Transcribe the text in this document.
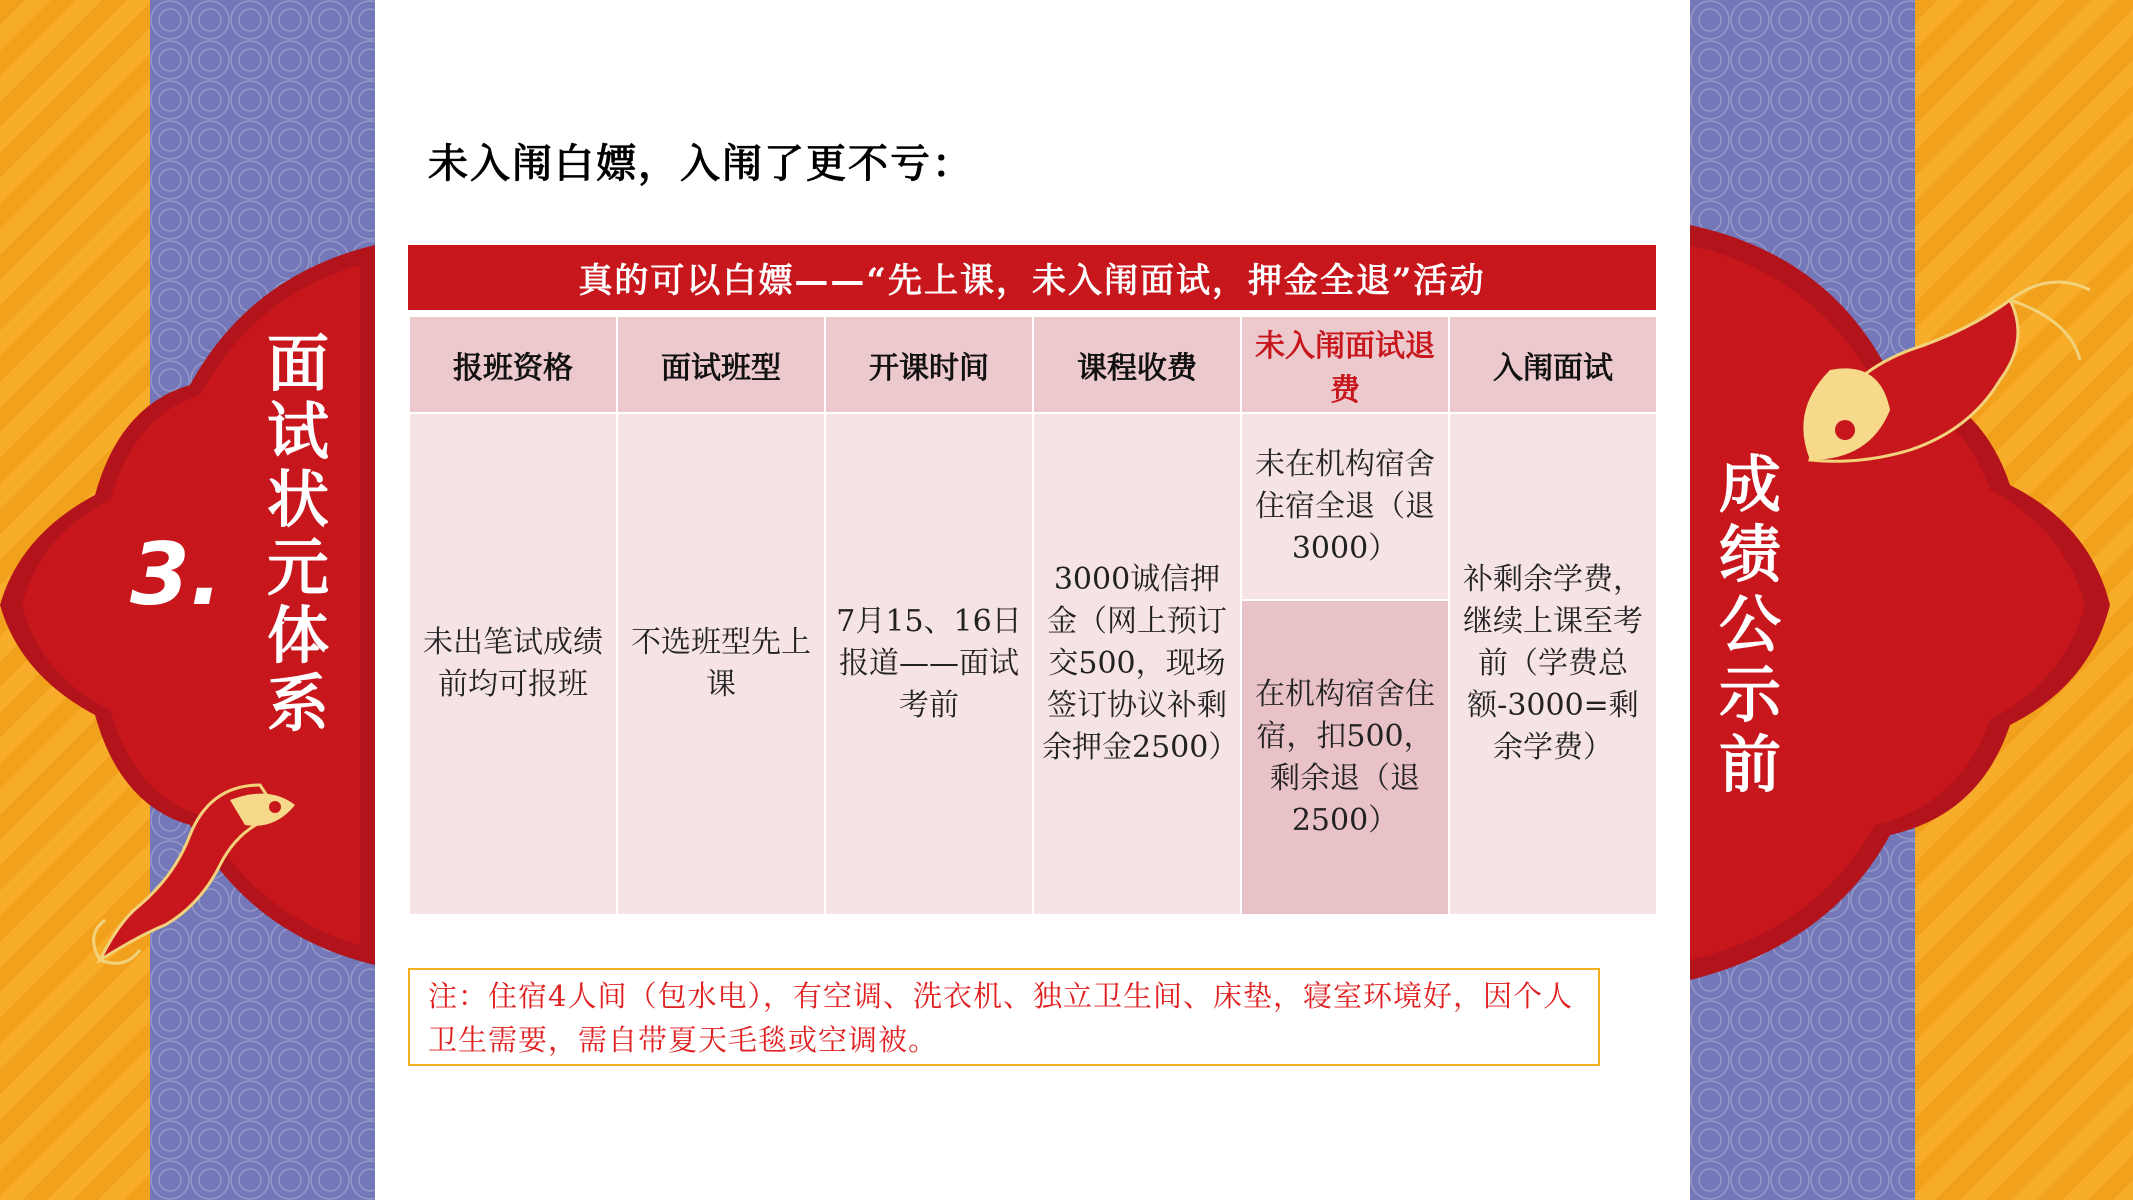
面试状元体系
3.
成绩公示前
未入闱白嫖，入闱了更不亏：
真的可以白嫖——“先上课，未入闱面试，押金全退”活动
报班资格	面试班型	开课时间	课程收费	未入闱面试退费	入闱面试
未出笔试成绩前均可报班	不选班型先上课	7月15、16日报道——面试考前	3000诚信押金（网上预订交500，现场签订协议补剩余押金2500）	未在机构宿舍住宿全退（退3000）	补剩余学费，继续上课至考前（学费总额-3000=剩余学费）
				在机构宿舍住宿，扣500，剩余退（退2500）	
注：住宿4人间（包水电），有空调、洗衣机、独立卫生间、床垫，寝室环境好，因个人卫生需要，需自带夏天毛毯或空调被。
